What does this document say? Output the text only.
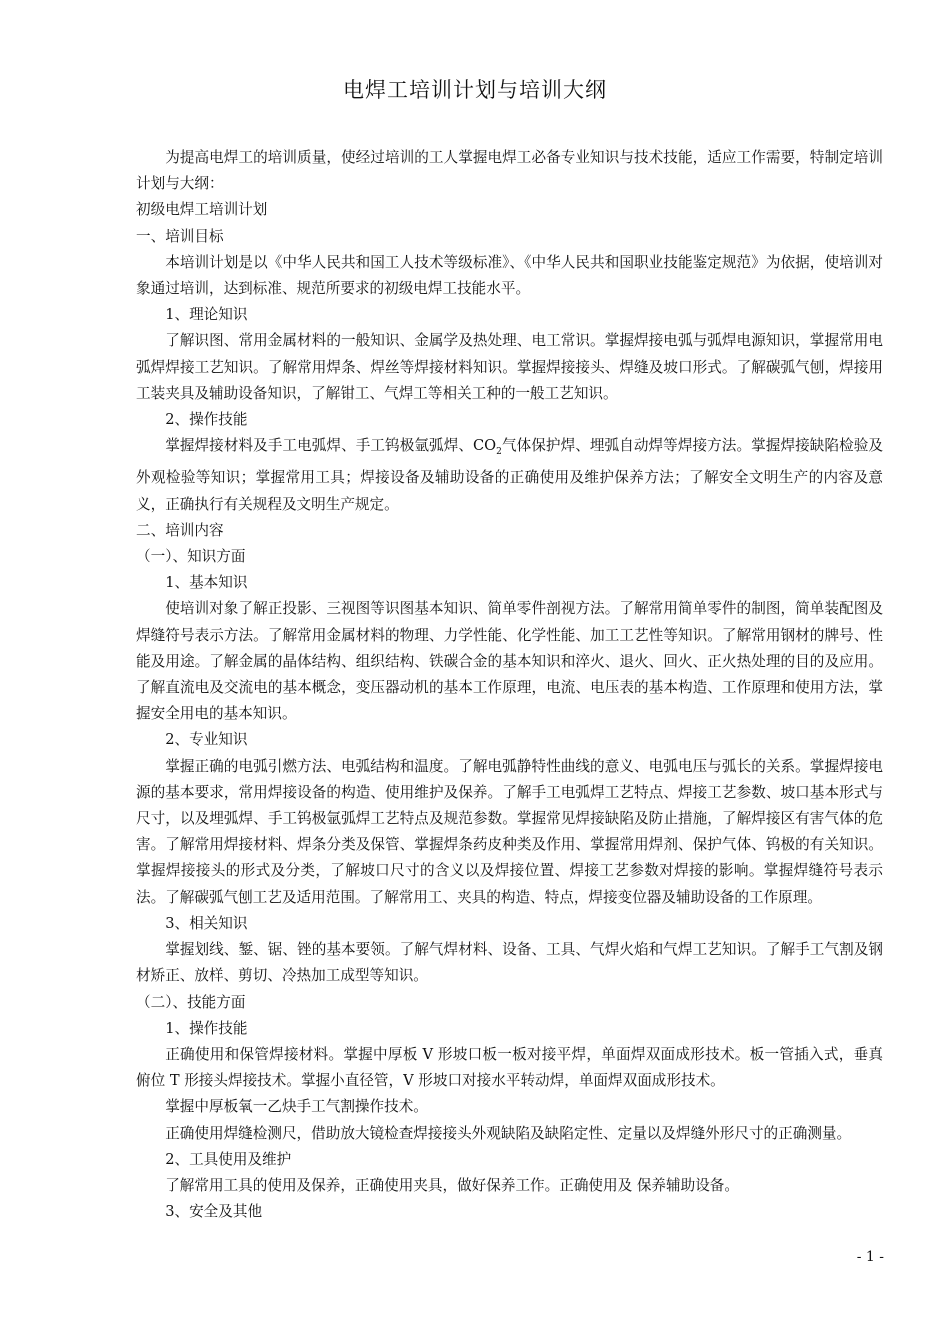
电焊工培训计划与培训大纲

为提高电焊工的培训质量，使经过培训的工人掌握电焊工必备专业知识与技术技能，适应工作需要，特制定培训计划与大纲：

初级电焊工培训计划

一、培训目标

本培训计划是以《中华人民共和国工人技术等级标准》、《中华人民共和国职业技能鉴定规范》为依据，使培训对象通过培训，达到标准、规范所要求的初级电焊工技能水平。

1、理论知识

了解识图、常用金属材料的一般知识、金属学及热处理、电工常识。掌握焊接电弧与弧焊电源知识，掌握常用电弧焊焊接工艺知识。了解常用焊条、焊丝等焊接材料知识。掌握焊接接头、焊缝及坡口形式。了解碳弧气刨，焊接用工装夹具及辅助设备知识，了解钳工、气焊工等相关工种的一般工艺知识。

2、操作技能

掌握焊接材料及手工电弧焊、手工钨极氩弧焊、$CO_2$气体保护焊、埋弧自动焊等焊接方法。掌握焊接缺陷检验及外观检验等知识；掌握常用工具；焊接设备及辅助设备的正确使用及维护保养方法；了解安全文明生产的内容及意义，正确执行有关规程及文明生产规定。

二、培训内容

（一）、知识方面

1、基本知识

使培训对象了解正投影、三视图等识图基本知识、简单零件剖视方法。了解常用简单零件的制图，简单装配图及焊缝符号表示方法。了解常用金属材料的物理、力学性能、化学性能、加工工艺性等知识。了解常用钢材的牌号、性能及用途。了解金属的晶体结构、组织结构、铁碳合金的基本知识和淬火、退火、回火、正火热处理的目的及应用。了解直流电及交流电的基本概念，变压器动机的基本工作原理，电流、电压表的基本构造、工作原理和使用方法，掌握安全用电的基本知识。

2、专业知识

掌握正确的电弧引燃方法、电弧结构和温度。了解电弧静特性曲线的意义、电弧电压与弧长的关系。掌握焊接电源的基本要求，常用焊接设备的构造、使用维护及保养。了解手工电弧焊工艺特点、焊接工艺参数、坡口基本形式与尺寸，以及埋弧焊、手工钨极氩弧焊工艺特点及规范参数。掌握常见焊接缺陷及防止措施，了解焊接区有害气体的危害。了解常用焊接材料、焊条分类及保管、掌握焊条药皮种类及作用、掌握常用焊剂、保护气体、钨极的有关知识。掌握焊接接头的形式及分类，了解坡口尺寸的含义以及焊接位置、焊接工艺参数对焊接的影响。掌握焊缝符号表示法。了解碳弧气刨工艺及适用范围。了解常用工、夹具的构造、特点，焊接变位器及辅助设备的工作原理。

3、相关知识

掌握划线、錾、锯、锉的基本要领。了解气焊材料、设备、工具、气焊火焰和气焊工艺知识。了解手工气割及钢材矫正、放样、剪切、冷热加工成型等知识。

（二）、技能方面

1、操作技能

正确使用和保管焊接材料。掌握中厚板 V 形坡口板一板对接平焊，单面焊双面成形技术。板一管插入式，垂真俯位 T 形接头焊接技术。掌握小直径管，V 形坡口对接水平转动焊，单面焊双面成形技术。

掌握中厚板氧一乙炔手工气割操作技术。

正确使用焊缝检测尺，借助放大镜检查焊接接头外观缺陷及缺陷定性、定量以及焊缝外形尺寸的正确测量。

2、工具使用及维护

了解常用工具的使用及保养，正确使用夹具，做好保养工作。正确使用及 保养辅助设备。

3、安全及其他

- 1 -
